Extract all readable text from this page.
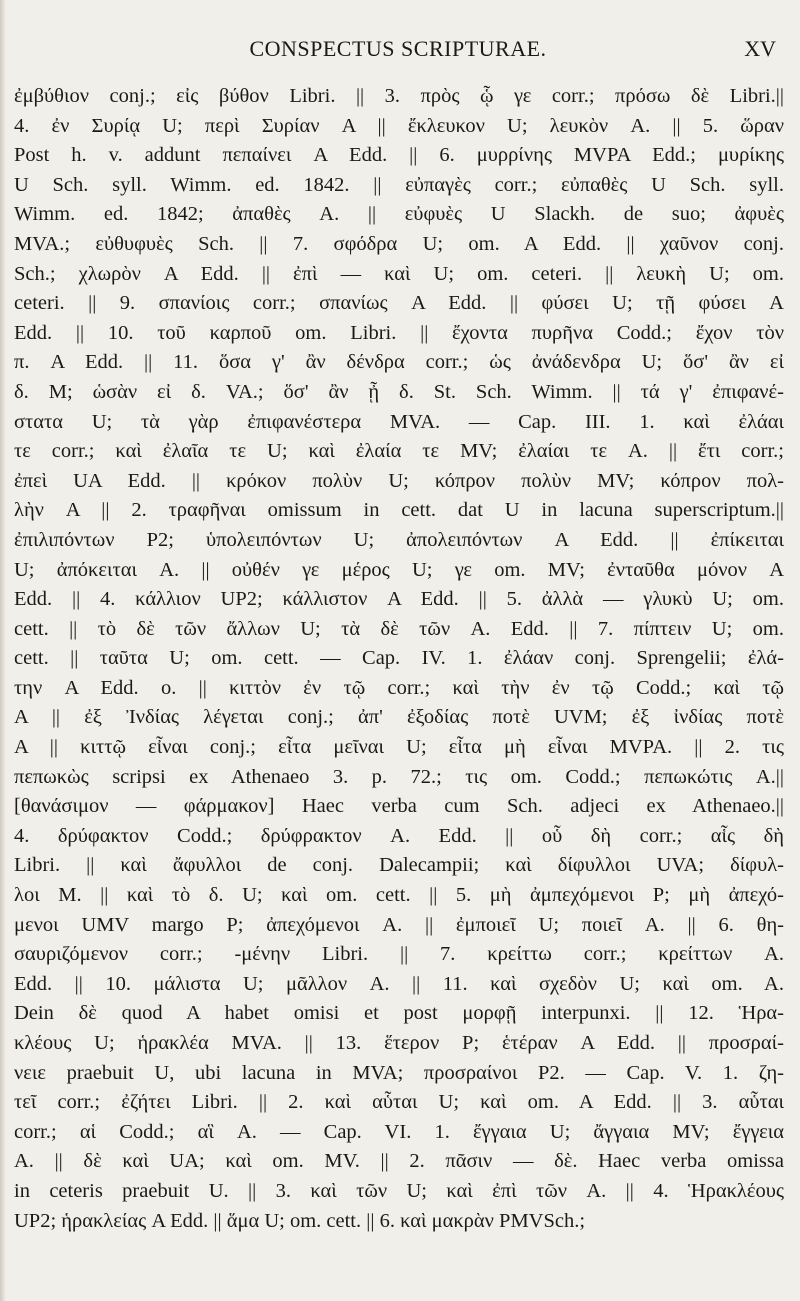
CONSPECTUS SCRIPTURAE.	XV
ἐμβύθιον conj.; εἰς βύθον Libri. || 3. πρὸς ᾧ γε corr.; πρόσω δὲ Libri.||
4. ἐν Συρίᾳ U; περὶ Συρίαν A || ἔκλευκον U; λευκὸν A. || 5. ὥραν
Post h. v. addunt πεπαίνει A Edd. || 6. μυρρίνης MVPA Edd.; μυρίκης
U Sch. syll. Wimm. ed. 1842. || εὐπαγὲς corr.; εὐπαθὲς U Sch. syll.
Wimm. ed. 1842; ἀπαθὲς A. || εὐφυὲς U Slackh. de suo; ἀφυὲς
MVA.; εὐθυφυὲς Sch. || 7. σφόδρα U; om. A Edd. || χαῦνον conj.
Sch.; χλωρὸν A Edd. || ἐπὶ — καὶ U; om. ceteri. || λευκὴ U; om.
ceteri. || 9. σπανίοις corr.; σπανίως A Edd. || φύσει U; τῇ φύσει A
Edd. || 10. τοῦ καρποῦ om. Libri. || ἔχοντα πυρῆνα Codd.; ἔχον τὸν
π. A Edd. || 11. ὅσα γ' ἂν δένδρα corr.; ὡς ἀνάδενδρα U; ὅσ' ἂν εἰ
δ. M; ὡσὰν εἰ δ. VA.; ὅσ' ἂν ᾖ δ. St. Sch. Wimm. || τά γ' ἐπιφανέ-
στατα U; τὰ γὰρ ἐπιφανέστερα MVA. — Cap. III. 1. καὶ ἐλάαι
τε corr.; καὶ ἐλαῖα τε U; καὶ ἐλαία τε MV; ἐλαίαι τε A. || ἔτι corr.;
ἐπεὶ UA Edd. || κρόκον πολὺν U; κόπρον πολὺν MV; κόπρον πολ-
λὴν A || 2. τραφῆναι omissum in cett. dat U in lacuna superscriptum.||
ἐπιλιπόντων P2; ὑπολειπόντων U; ἀπολειπόντων A Edd. || ἐπίκειται
U; ἀπόκειται A. || οὐθέν γε μέρος U; γε om. MV; ἐνταῦθα μόνον A
Edd. || 4. κάλλιον UP2; κάλλιστον A Edd. || 5. ἀλλὰ — γλυκὺ U; om.
cett. || τὸ δὲ τῶν ἄλλων U; τὰ δὲ τῶν A. Edd. || 7. πίπτειν U; om.
cett. || ταῦτα U; om. cett. — Cap. IV. 1. ἐλάαν conj. Sprengelii; ἐλά-
την A Edd. o. || κιττὸν ἐν τῷ corr.; καὶ τὴν ἐν τῷ Codd.; καὶ τῷ
A || ἐξ Ἰνδίας λέγεται conj.; ἀπ' ἐξοδίας ποτὲ UVM; ἐξ ἰνδίας ποτὲ
A || κιττῷ εἶναι conj.; εἶτα μεῖναι U; εἶτα μὴ εἶναι MVPA. || 2. τις
πεπωκὼς scripsi ex Athenaeo 3. p. 72.; τις om. Codd.; πεπωκώτις A.||
[θανάσιμον — φάρμακον] Haec verba cum Sch. adjeci ex Athenaeo.||
4. δρύφακτον Codd.; δρύφρακτον A. Edd. || οὗ δὴ corr.; αἷς δὴ
Libri. || καὶ ἄφυλλοι de conj. Dalecampii; καὶ δίφυλλοι UVA; δίφυλ-
λοι M. || καὶ τὸ δ. U; καὶ om. cett. || 5. μὴ ἀμπεχόμενοι P; μὴ ἀπεχό-
μενοι UMV margo P; ἀπεχόμενοι A. || ἐμποιεῖ U; ποιεῖ A. || 6. θη-
σαυριζόμενον corr.; -μένην Libri. || 7. κρείττω corr.; κρείττων A.
Edd. || 10. μάλιστα U; μᾶλλον A. || 11. καὶ σχεδὸν U; καὶ om. A.
Dein δὲ quod A habet omisi et post μορφῇ interpunxi. || 12. Ἡρα-
κλέους U; ἡρακλέα MVA. || 13. ἕτερον P; ἑτέραν A Edd. || προσραί-
νειε praebuit U, ubi lacuna in MVA; προσραίνοι P2. — Cap. V. 1. ζη-
τεῖ corr.; ἐζήτει Libri. || 2. καὶ αὗται U; καὶ om. A Edd. || 3. αὗται
corr.; αἱ Codd.; αἳ A. — Cap. VI. 1. ἔγγαια U; ἄγγαια MV; ἔγγεια
A. || δὲ καὶ UA; καὶ om. MV. || 2. πᾶσιν — δὲ. Haec verba omissa
in ceteris praebuit U. || 3. καὶ τῶν U; καὶ ἐπὶ τῶν A. || 4. Ἡρακλέους
UP2; ἡρακλείας A Edd. || ἅμα U; om. cett. || 6. καὶ μακρὰν PMVSch.;
